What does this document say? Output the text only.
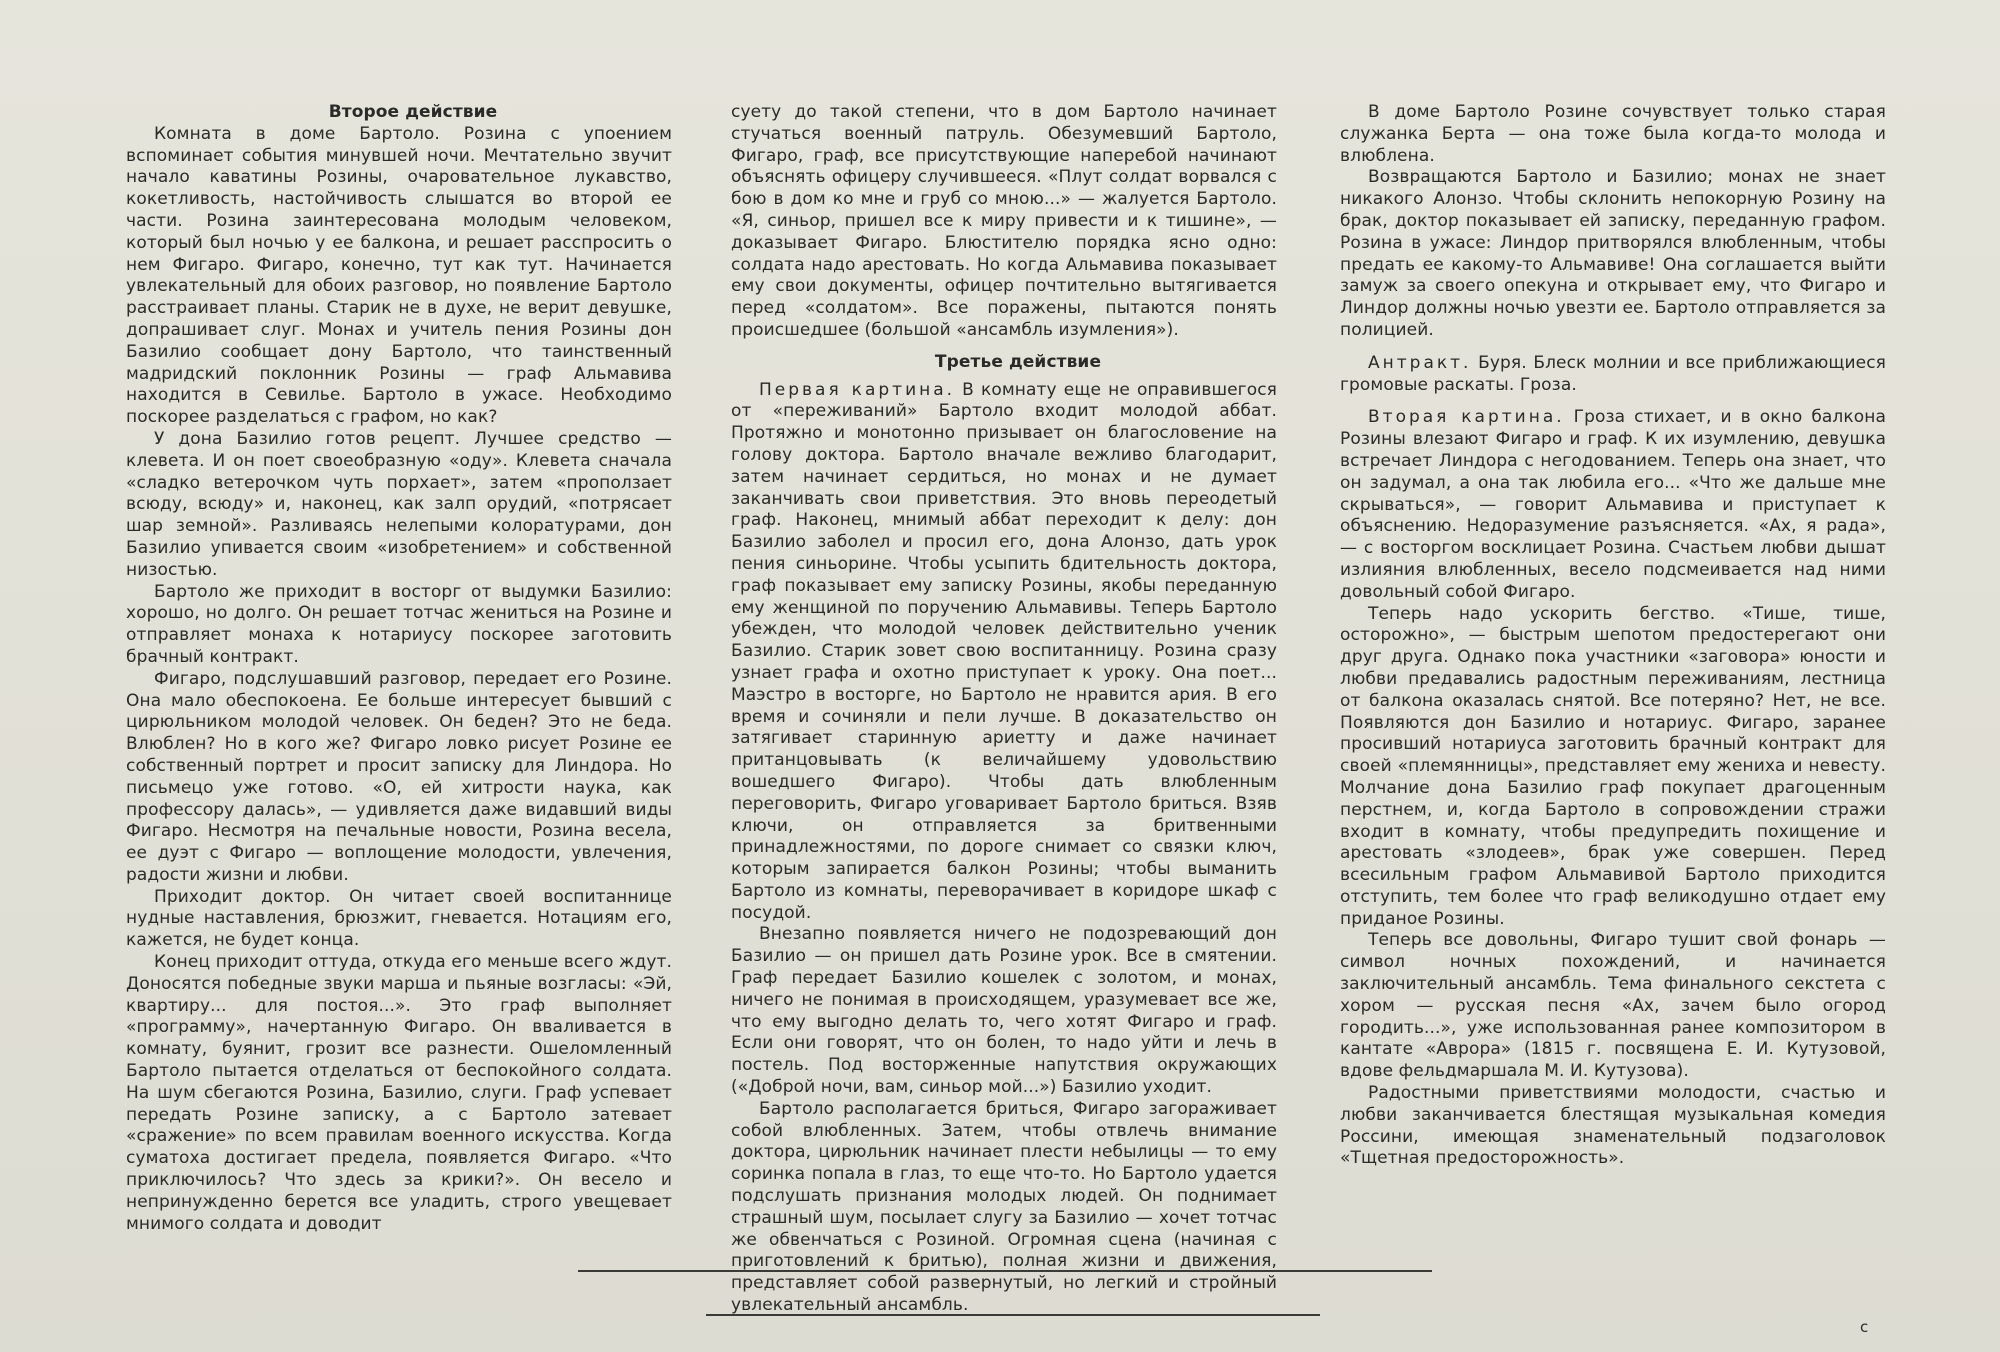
Второе действие

Комната в доме Бартоло. Розина с упоением вспоминает события минувшей ночи. Мечтательно звучит начало каватины Розины, очаровательное лукавство, кокетливость, настойчивость слышатся во второй ее части. Розина заинтересована молодым человеком, который был ночью у ее балкона, и решает расспросить о нем Фигаро. Фигаро, конечно, тут как тут. Начинается увлекательный для обоих разговор, но появление Бартоло расстраивает планы. Старик не в духе, не верит девушке, допрашивает слуг. Монах и учитель пения Розины дон Базилио сообщает дону Бартоло, что таинственный мадридский поклонник Розины — граф Альмавива находится в Севилье. Бартоло в ужасе. Необходимо поскорее разделаться с графом, но как?

У дона Базилио готов рецепт. Лучшее средство — клевета. И он поет своеобразную «оду». Клевета сначала «сладко ветерочком чуть порхает», затем «проползает всюду, всюду» и, наконец, как залп орудий, «потрясает шар земной». Разливаясь нелепыми колоратурами, дон Базилио упивается своим «изобретением» и собственной низостью.

Бартоло же приходит в восторг от выдумки Базилио: хорошо, но долго. Он решает тотчас жениться на Розине и отправляет монаха к нотариусу поскорее заготовить брачный контракт.

Фигаро, подслушавший разговор, передает его Розине. Она мало обеспокоена. Ее больше интересует бывший с цирюльником молодой человек. Он беден? Это не беда. Влюблен? Но в кого же? Фигаро ловко рисует Розине ее собственный портрет и просит записку для Линдора. Но письмецо уже готово. «О, ей хитрости наука, как профессору далась», — удивляется даже видавший виды Фигаро. Несмотря на печальные новости, Розина весела, ее дуэт с Фигаро — воплощение молодости, увлечения, радости жизни и любви.

Приходит доктор. Он читает своей воспитаннице нудные наставления, брюзжит, гневается. Нотациям его, кажется, не будет конца.

Конец приходит оттуда, откуда его меньше всего ждут. Доносятся победные звуки марша и пьяные возгласы: «Эй, квартиру... для постоя...». Это граф выполняет «программу», начертанную Фигаро. Он вваливается в комнату, буянит, грозит все разнести. Ошеломленный Бартоло пытается отделаться от беспокойного солдата. На шум сбегаются Розина, Базилио, слуги. Граф успевает передать Розине записку, а с Бартоло затевает «сражение» по всем правилам военного искусства. Когда суматоха достигает предела, появляется Фигаро. «Что приключилось? Что здесь за крики?». Он весело и непринужденно берется все уладить, строго увещевает мнимого солдата и доводит

суету до такой степени, что в дом Бартоло начинает стучаться военный патруль. Обезумевший Бартоло, Фигаро, граф, все присутствующие наперебой начинают объяснять офицеру случившееся. «Плут солдат ворвался с бою в дом ко мне и груб со мною...» — жалуется Бартоло. «Я, синьор, пришел все к миру привести и к тишине», — доказывает Фигаро. Блюстителю порядка ясно одно: солдата надо арестовать. Но когда Альмавива показывает ему свои документы, офицер почтительно вытягивается перед «солдатом». Все поражены, пытаются понять происшедшее (большой «ансамбль изумления»).

Третье действие

Первая картина. В комнату еще не оправившегося от «переживаний» Бартоло входит молодой аббат. Протяжно и монотонно призывает он благословение на голову доктора. Бартоло вначале вежливо благодарит, затем начинает сердиться, но монах и не думает заканчивать свои приветствия. Это вновь переодетый граф. Наконец, мнимый аббат переходит к делу: дон Базилио заболел и просил его, дона Алонзо, дать урок пения синьорине. Чтобы усыпить бдительность доктора, граф показывает ему записку Розины, якобы переданную ему женщиной по поручению Альмавивы. Теперь Бартоло убежден, что молодой человек действительно ученик Базилио. Старик зовет свою воспитанницу. Розина сразу узнает графа и охотно приступает к уроку. Она поет... Маэстро в восторге, но Бартоло не нравится ария. В его время и сочиняли и пели лучше. В доказательство он затягивает старинную ариетту и даже начинает пританцовывать (к величайшему удовольствию вошедшего Фигаро). Чтобы дать влюбленным переговорить, Фигаро уговаривает Бартоло бриться. Взяв ключи, он отправляется за бритвенными принадлежностями, по дороге снимает со связки ключ, которым запирается балкон Розины; чтобы выманить Бартоло из комнаты, переворачивает в коридоре шкаф с посудой.

Внезапно появляется ничего не подозревающий дон Базилио — он пришел дать Розине урок. Все в смятении. Граф передает Базилио кошелек с золотом, и монах, ничего не понимая в происходящем, уразумевает все же, что ему выгодно делать то, чего хотят Фигаро и граф. Если они говорят, что он болен, то надо уйти и лечь в постель. Под восторженные напутствия окружающих («Доброй ночи, вам, синьор мой...») Базилио уходит.

Бартоло располагается бриться, Фигаро загораживает собой влюбленных. Затем, чтобы отвлечь внимание доктора, цирюльник начинает плести небылицы — то ему соринка попала в глаз, то еще что-то. Но Бартоло удается подслушать признания молодых людей. Он поднимает страшный шум, посылает слугу за Базилио — хочет тотчас же обвенчаться с Розиной. Огромная сцена (начиная с приготовлений к бритью), полная жизни и движения, представляет собой развернутый, но легкий и стройный увлекательный ансамбль.

В доме Бартоло Розине сочувствует только старая служанка Берта — она тоже была когда-то молода и влюблена.

Возвращаются Бартоло и Базилио; монах не знает никакого Алонзо. Чтобы склонить непокорную Розину на брак, доктор показывает ей записку, переданную графом. Розина в ужасе: Линдор притворялся влюбленным, чтобы предать ее какому-то Альмавиве! Она соглашается выйти замуж за своего опекуна и открывает ему, что Фигаро и Линдор должны ночью увезти ее. Бартоло отправляется за полицией.

Антракт. Буря. Блеск молнии и все приближающиеся громовые раскаты. Гроза.

Вторая картина. Гроза стихает, и в окно балкона Розины влезают Фигаро и граф. К их изумлению, девушка встречает Линдора с негодованием. Теперь она знает, что он задумал, а она так любила его... «Что же дальше мне скрываться», — говорит Альмавива и приступает к объяснению. Недоразумение разъясняется. «Ах, я рада», — с восторгом восклицает Розина. Счастьем любви дышат излияния влюбленных, весело подсмеивается над ними довольный собой Фигаро.

Теперь надо ускорить бегство. «Тише, тише, осторожно», — быстрым шепотом предостерегают они друг друга. Однако пока участники «заговора» юности и любви предавались радостным переживаниям, лестница от балкона оказалась снятой. Все потеряно? Нет, не все. Появляются дон Базилио и нотариус. Фигаро, заранее просивший нотариуса заготовить брачный контракт для своей «племянницы», представляет ему жениха и невесту. Молчание дона Базилио граф покупает драгоценным перстнем, и, когда Бартоло в сопровождении стражи входит в комнату, чтобы предупредить похищение и арестовать «злодеев», брак уже совершен. Перед всесильным графом Альмавивой Бартоло приходится отступить, тем более что граф великодушно отдает ему приданое Розины.

Теперь все довольны, Фигаро тушит свой фонарь — символ ночных похождений, и начинается заключительный ансамбль. Тема финального секстета с хором — русская песня «Ах, зачем было огород городить...», уже использованная ранее композитором в кантате «Аврора» (1815 г. посвящена Е. И. Кутузовой, вдове фельдмаршала М. И. Кутузова).

Радостными приветствиями молодости, счастью и любви заканчивается блестящая музыкальная комедия Россини, имеющая знаменательный подзаголовок «Тщетная предосторожность».

с
